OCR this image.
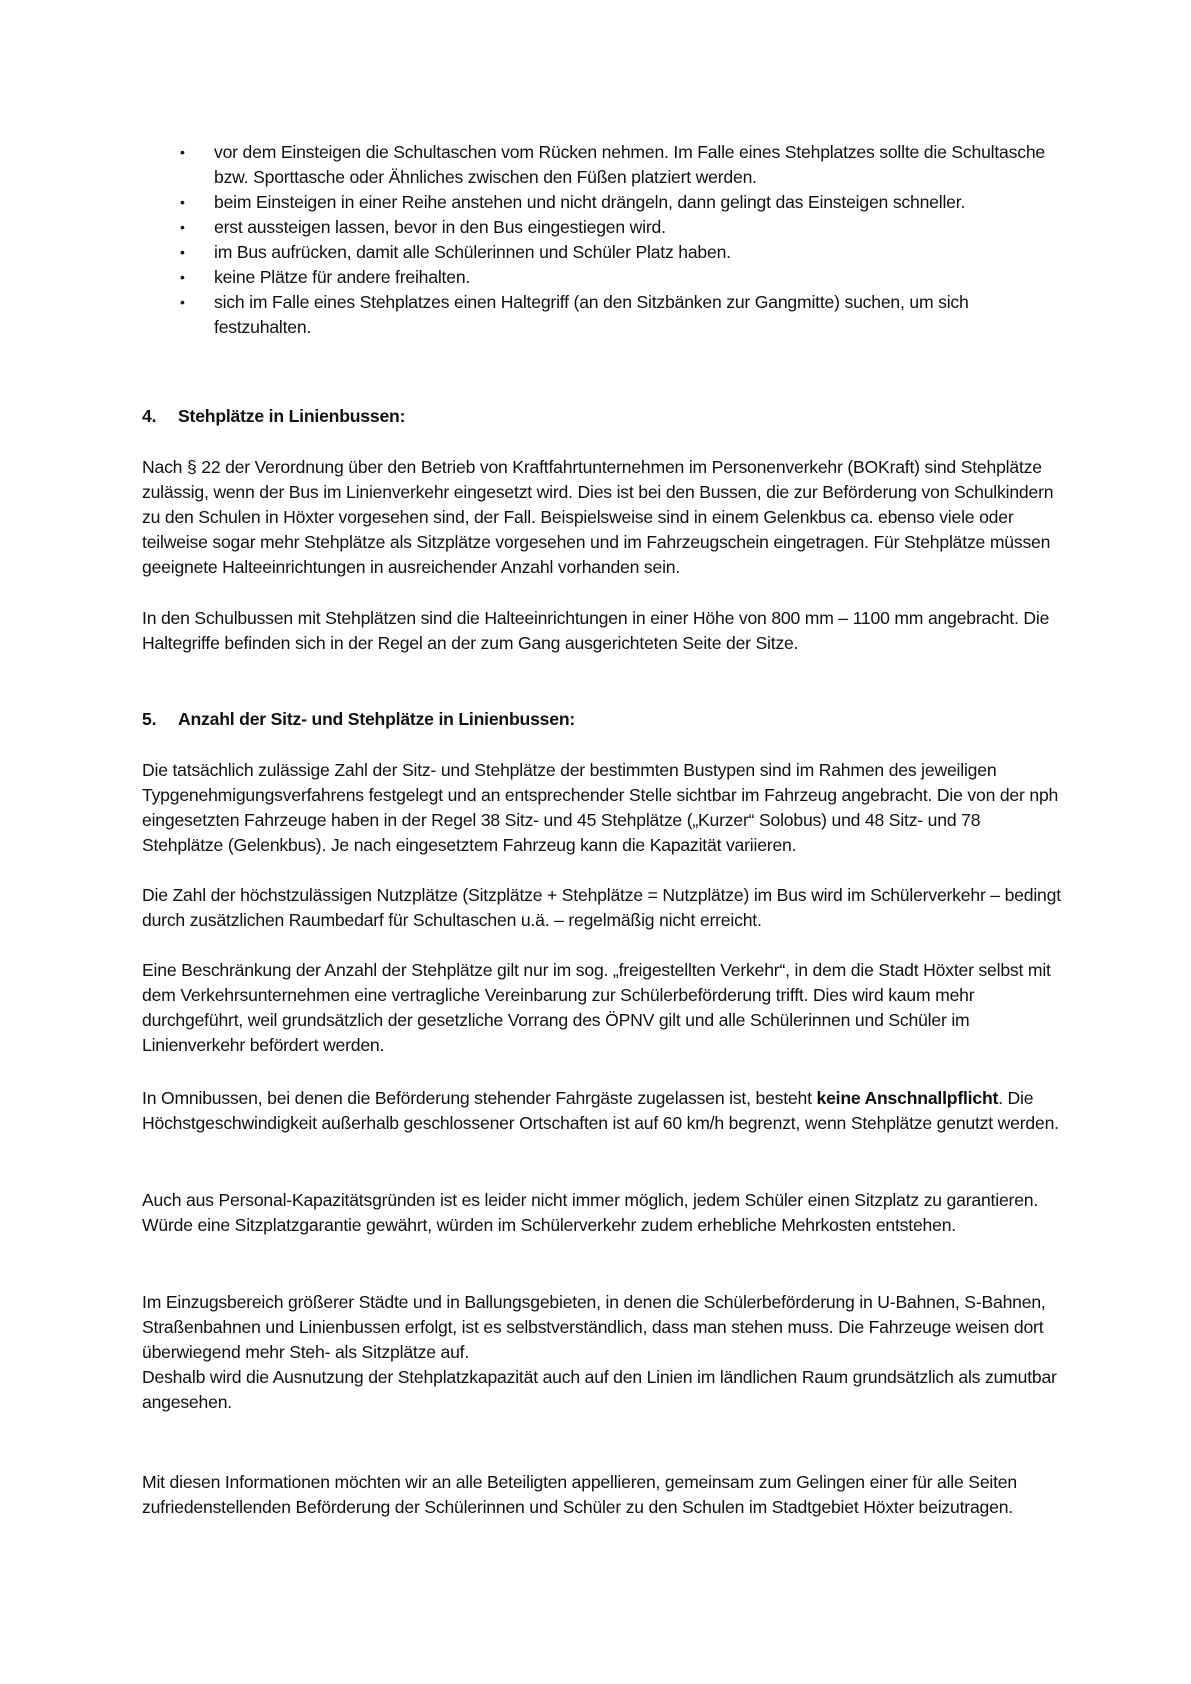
• vor dem Einsteigen die Schultaschen vom Rücken nehmen. Im Falle eines Stehplatzes sollte die Schultasche bzw. Sporttasche oder Ähnliches zwischen den Füßen platziert werden.
• beim Einsteigen in einer Reihe anstehen und nicht drängeln, dann gelingt das Einsteigen schneller.
• erst aussteigen lassen, bevor in den Bus eingestiegen wird.
• im Bus aufrücken, damit alle Schülerinnen und Schüler Platz haben.
• keine Plätze für andere freihalten.
• sich im Falle eines Stehplatzes einen Haltegriff (an den Sitzbänken zur Gangmitte) suchen, um sich festzuhalten.
4. Stehplätze in Linienbussen:

Nach § 22 der Verordnung über den Betrieb von Kraftfahrtunternehmen im Personenverkehr (BOKraft) sind Stehplätze zulässig, wenn der Bus im Linienverkehr eingesetzt wird. Dies ist bei den Bussen, die zur Beförderung von Schulkindern zu den Schulen in Höxter vorgesehen sind, der Fall. Beispielsweise sind in einem Gelenkbus ca. ebenso viele oder teilweise sogar mehr Stehplätze als Sitzplätze vorgesehen und im Fahrzeugschein eingetragen. Für Stehplätze müssen geeignete Halteeinrichtungen in ausreichender Anzahl vorhanden sein.

In den Schulbussen mit Stehplätzen sind die Halteeinrichtungen in einer Höhe von 800 mm – 1100 mm angebracht. Die Haltegriffe befinden sich in der Regel an der zum Gang ausgerichteten Seite der Sitze.

5. Anzahl der Sitz- und Stehplätze in Linienbussen:

Die tatsächlich zulässige Zahl der Sitz- und Stehplätze der bestimmten Bustypen sind im Rahmen des jeweiligen Typgenehmigungsverfahrens festgelegt und an entsprechender Stelle sichtbar im Fahrzeug angebracht. Die von der nph eingesetzten Fahrzeuge haben in der Regel 38 Sitz- und 45 Stehplätze („Kurzer“ Solobus) und 48 Sitz- und 78 Stehplätze (Gelenkbus). Je nach eingesetztem Fahrzeug kann die Kapazität variieren.

Die Zahl der höchstzulässigen Nutzplätze (Sitzplätze + Stehplätze = Nutzplätze) im Bus wird im Schülerverkehr – bedingt durch zusätzlichen Raumbedarf für Schultaschen u.ä. – regelmäßig nicht erreicht.

Eine Beschränkung der Anzahl der Stehplätze gilt nur im sog. „freigestellten Verkehr“, in dem die Stadt Höxter selbst mit dem Verkehrsunternehmen eine vertragliche Vereinbarung zur Schülerbeförderung trifft. Dies wird kaum mehr durchgeführt, weil grundsätzlich der gesetzliche Vorrang des ÖPNV gilt und alle Schülerinnen und Schüler im Linienverkehr befördert werden.

In Omnibussen, bei denen die Beförderung stehender Fahrgäste zugelassen ist, besteht keine Anschnallpflicht. Die Höchstgeschwindigkeit außerhalb geschlossener Ortschaften ist auf 60 km/h begrenzt, wenn Stehplätze genutzt werden.

Auch aus Personal-Kapazitätsgründen ist es leider nicht immer möglich, jedem Schüler einen Sitzplatz zu garantieren. Würde eine Sitzplatzgarantie gewährt, würden im Schülerverkehr zudem erhebliche Mehrkosten entstehen.

Im Einzugsbereich größerer Städte und in Ballungsgebieten, in denen die Schülerbeförderung in U-Bahnen, S-Bahnen, Straßenbahnen und Linienbussen erfolgt, ist es selbstverständlich, dass man stehen muss. Die Fahrzeuge weisen dort überwiegend mehr Steh- als Sitzplätze auf.

Deshalb wird die Ausnutzung der Stehplatzkapazität auch auf den Linien im ländlichen Raum grundsätzlich als zumutbar angesehen.

Mit diesen Informationen möchten wir an alle Beteiligten appellieren, gemeinsam zum Gelingen einer für alle Seiten zufriedenstellenden Beförderung der Schülerinnen und Schüler zu den Schulen im Stadtgebiet Höxter beizutragen.
